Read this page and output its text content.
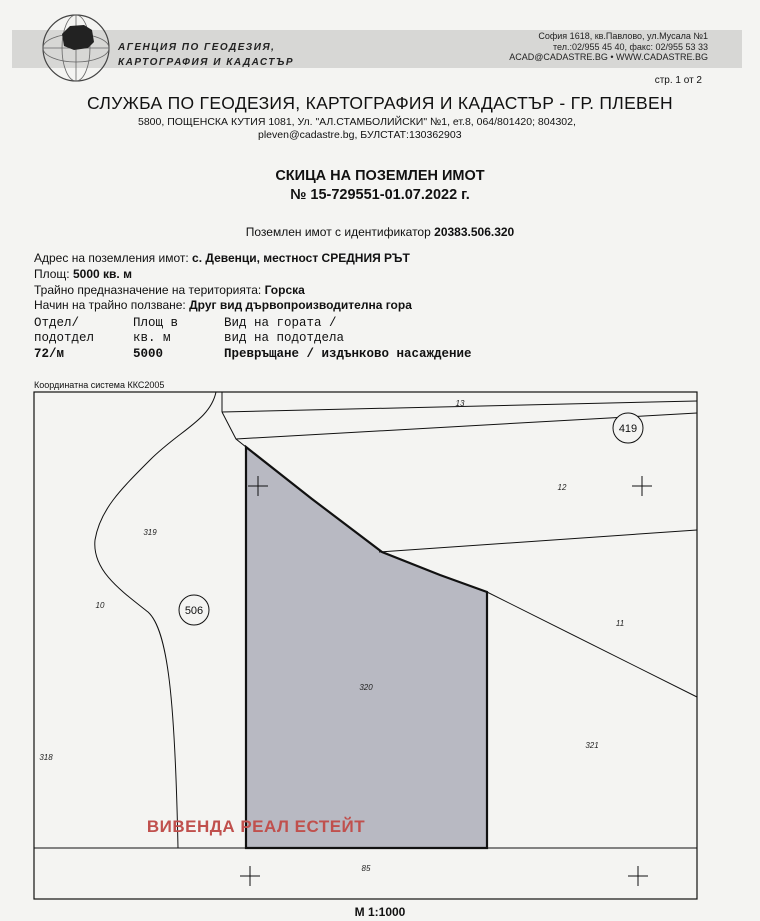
АГЕНЦИЯ ПО ГЕОДЕЗИЯ,
КАРТОГРАФИЯ И КАДАСТЪР
София 1618, кв.Павлово, ул.Мусала №1
тел.:02/955 45 40, факс: 02/955 53 33
ACAD@CADASTRE.BG • WWW.CADASTRE.BG
стр. 1 от 2
СЛУЖБА ПО ГЕОДЕЗИЯ, КАРТОГРАФИЯ И КАДАСТЪР - ГР. ПЛЕВЕН
5800, ПОЩЕНСКА КУТИЯ 1081, Ул. "АЛ.СТАМБОЛИЙСКИ" №1, ет.8, 064/801420; 804302,
pleven@cadastre.bg, БУЛСТАТ:130362903
СКИЦА НА ПОЗЕМЛЕН ИМОТ
№ 15-729551-01.07.2022 г.
Поземлен имот с идентификатор 20383.506.320
Адрес на поземления имот: с. Девенци, местност СРЕДНИЯ РЪТ
Площ: 5000 кв. м
Трайно предназначение на територията: Горска
Начин на трайно ползване: Друг вид дървопроизводителна гора
Отдел/	Площ в	Вид на гората /
подотдел	кв. м	вид на подотдела
72/м	5000	Превръщане / издънково насаждение
Координатна система ККС2005
13
12
319
10
11
320
318
321
85
419
506
ВИВЕНДА РЕАЛ ЕСТЕЙТ
М 1:1000
